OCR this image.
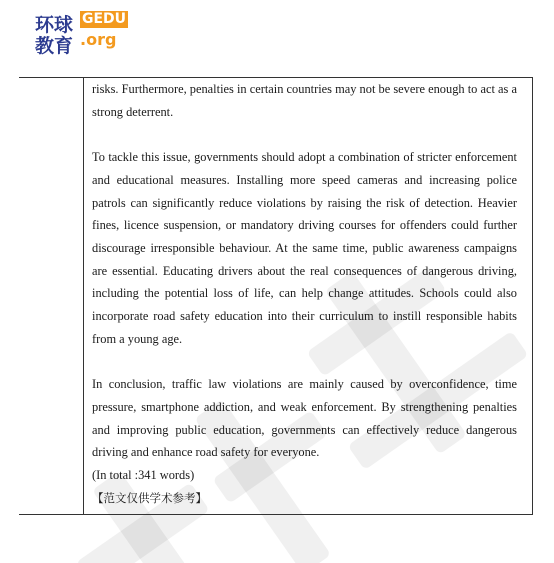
环球
教育
GEDU
.org

risks. Furthermore, penalties in certain countries may not be severe enough to act as a strong deterrent.

To tackle this issue, governments should adopt a combination of stricter enforcement and educational measures. Installing more speed cameras and increasing police patrols can significantly reduce violations by raising the risk of detection. Heavier fines, licence suspension, or mandatory driving courses for offenders could further discourage irresponsible behaviour. At the same time, public awareness campaigns are essential. Educating drivers about the real consequences of dangerous driving, including the potential loss of life, can help change attitudes. Schools could also incorporate road safety education into their curriculum to instill responsible habits from a young age.

In conclusion, traffic law violations are mainly caused by overconfidence, time pressure, smartphone addiction, and weak enforcement. By strengthening penalties and improving public education, governments can effectively reduce dangerous driving and enhance road safety for everyone.

(In total :341 words)

【范文仅供学术参考】
